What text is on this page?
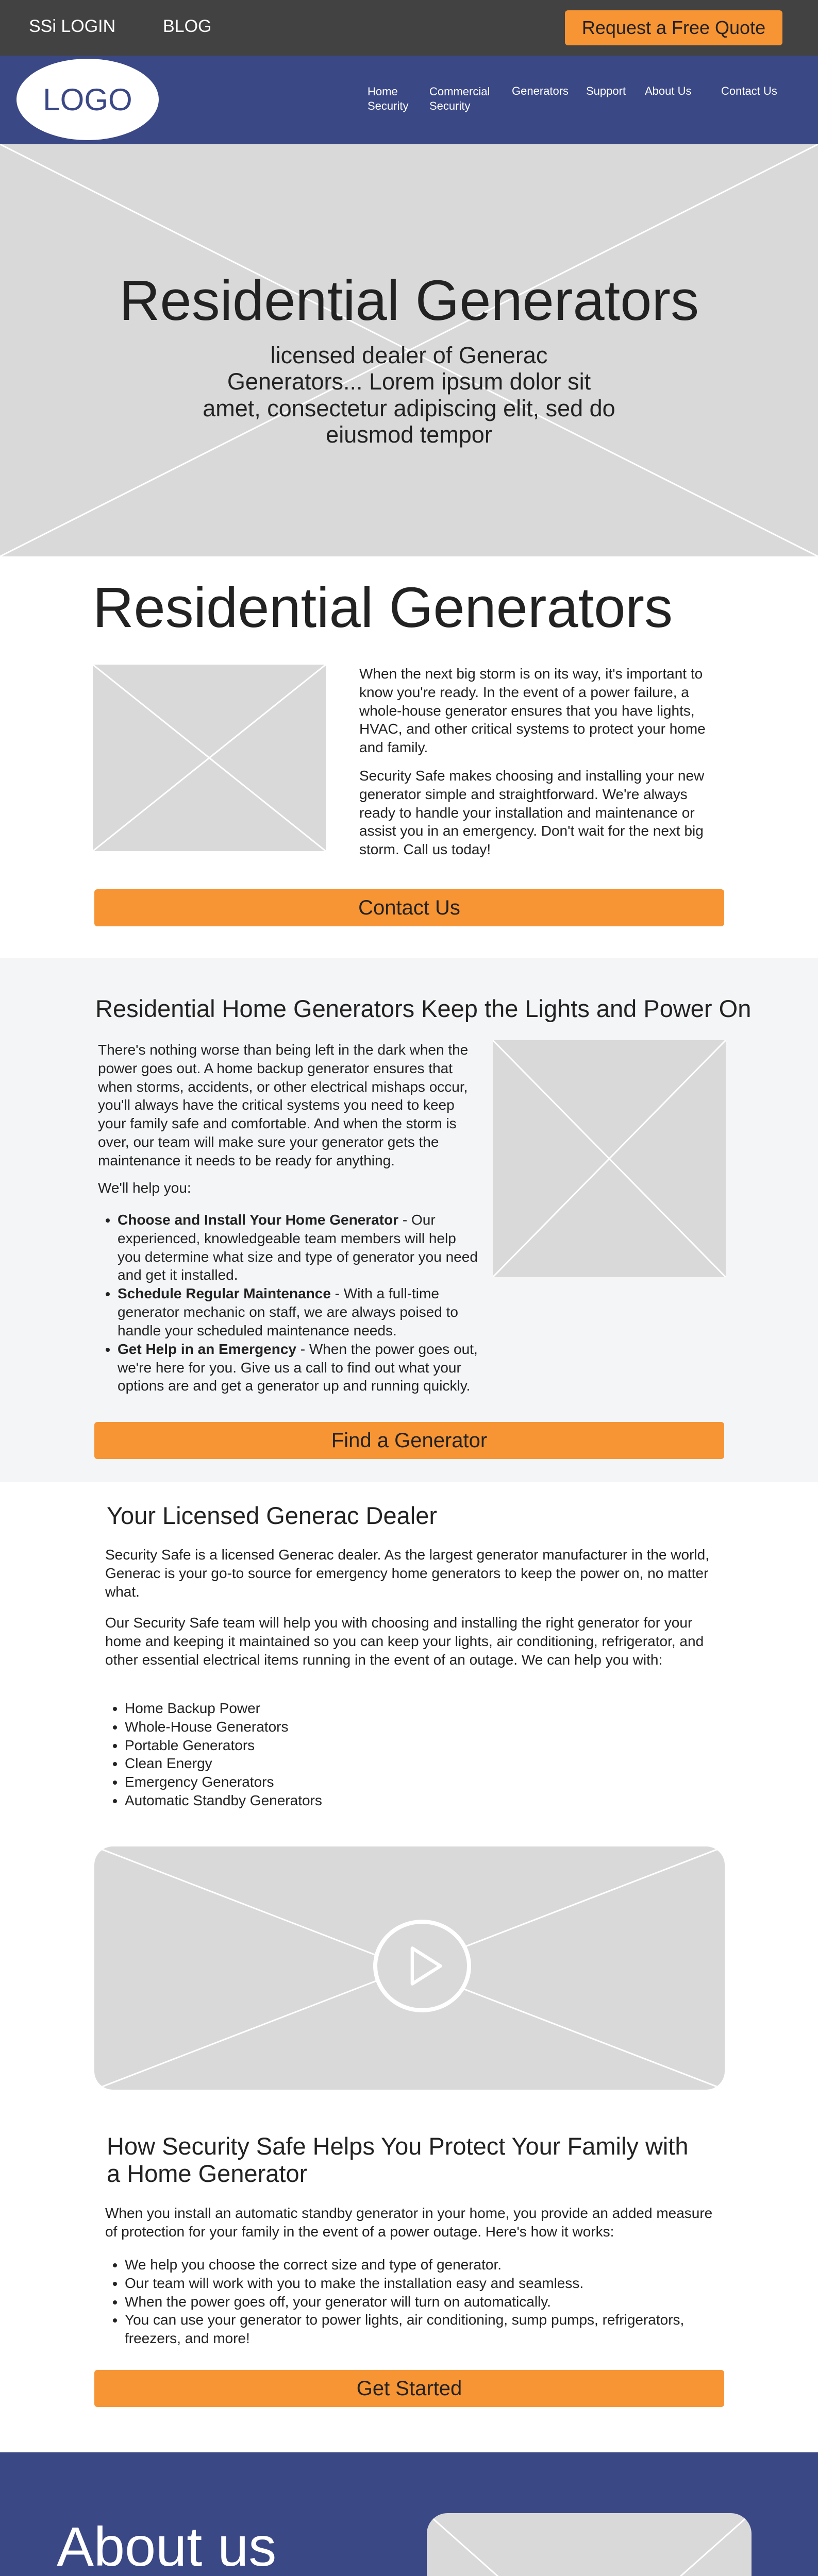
SSi LOGIN	BLOG	Request a Free Quote
LOGO	Home Security
Commercial Security
Generators Support About Us	Contact Us
Residential Generators

licensed dealer of Generac Generators... Lorem ipsum dolor sit amet, consectetur adipiscing elit, sed do eiusmod tempor

Residential Generators

When the next big storm is on its way, it's important to know you're ready. In the event of a power failure, a whole-house generator ensures that you have lights, HVAC, and other critical systems to protect your home and family.

Security Safe makes choosing and installing your new generator simple and straightforward. We're always ready to handle your installation and maintenance or assist you in an emergency. Don't wait for the next big storm. Call us today!

Contact Us
Residential Home Generators Keep the Lights and Power On

There's nothing worse than being left in the dark when the power goes out. A home backup generator ensures that when storms, accidents, or other electrical mishaps occur, you'll always have the critical systems you need to keep your family safe and comfortable. And when the storm is over, our team will make sure your generator gets the maintenance it needs to be ready for anything.

We'll help you:

• Choose and Install Your Home Generator - Our experienced, knowledgeable team members will help you determine what size and type of generator you need and get it installed.
• Schedule Regular Maintenance - With a full-time generator mechanic on staff, we are always poised to handle your scheduled maintenance needs.
• Get Help in an Emergency - When the power goes out, we're here for you. Give us a call to find out what your options are and get a generator up and running quickly.
Find a Generator
Your Licensed Generac Dealer

Security Safe is a licensed Generac dealer. As the largest generator manufacturer in the world, Generac is your go-to source for emergency home generators to keep the power on, no matter what.

Our Security Safe team will help you with choosing and installing the right generator for your home and keeping it maintained so you can keep your lights, air conditioning, refrigerator, and other essential electrical items running in the event of an outage. We can help you with:

• Home Backup Power
• Whole-House Generators
• Portable Generators
• Clean Energy
• Emergency Generators
• Automatic Standby Generators
How Security Safe Helps You Protect Your Family with a Home Generator

When you install an automatic standby generator in your home, you provide an added measure of protection for your family in the event of a power outage. Here's how it works:

• We help you choose the correct size and type of generator.
• Our team will work with you to make the installation easy and seamless.
• When the power goes off, your generator will turn on automatically.
• You can use your generator to power lights, air conditioning, sump pumps, refrigerators, freezers, and more!
Get Started
About us
